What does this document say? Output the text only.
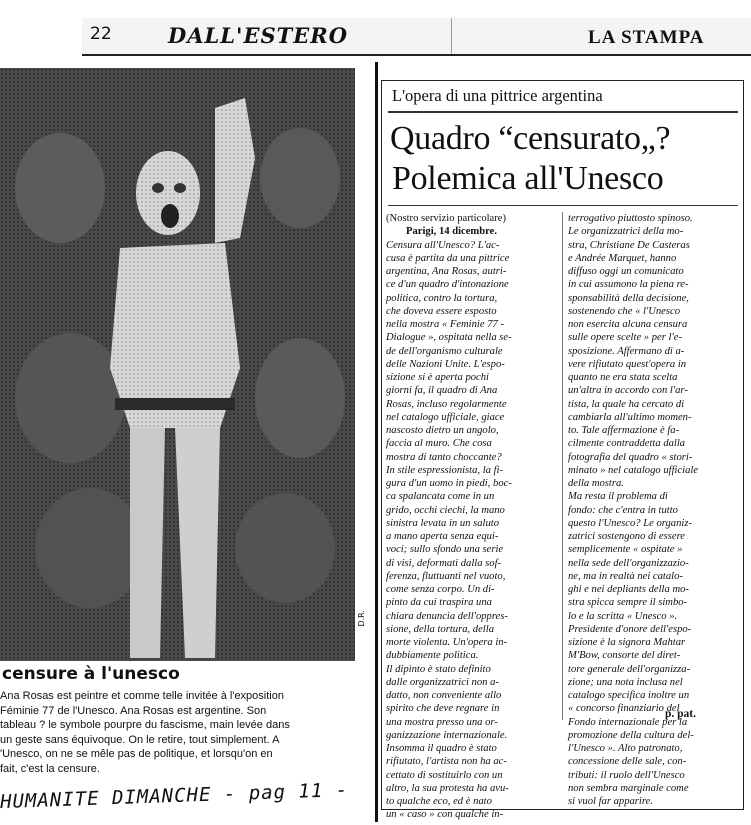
22	DALL'ESTERO	LA STAMPA
D.R.
censure à l'unesco
Ana Rosas est peintre et comme telle invitée à l'exposition
Féminie 77 de l'Unesco. Ana Rosas est argentine. Son
tableau ? le symbole pourpre du fascisme, main levée dans
un geste sans équivoque. On le retire, tout simplement. A
'Unesco, on ne se mêle pas de politique, et lorsqu'on en
fait, c'est la censure.
HUMANITE DIMANCHE - pag 11 -
L'opera di una pittrice argentina
Quadro “censurato„?
Polemica all'Unesco
(Nostro servizio particolare)
Parigi, 14 dicembre.
Censura all'Unesco? L'ac-
cusa è partita da una pittrice
argentina, Ana Rosas, autri-
ce d'un quadro d'intonazione
politica, contro la tortura,
che doveva essere esposto
nella mostra « Feminie 77 -
Dialogue », ospitata nella se-
de dell'organismo culturale
delle Nazioni Unite. L'espo-
sizione si è aperta pochi
giorni fa, il quadro di Ana
Rosas, incluso regolarmente
nel catalogo ufficiale, giace
nascosto dietro un angolo,
faccia al muro. Che cosa
mostra di tanto choccante?
In stile espressionista, la fi-
gura d'un uomo in piedi, boc-
ca spalancata come in un
grido, occhi ciechi, la mano
sinistra levata in un saluto
a mano aperta senza equi-
voci; sullo sfondo una serie
di visi, deformati dalla sof-
ferenza, fluttuanti nel vuoto,
come senza corpo. Un di-
pinto da cui traspira una
chiara denuncia dell'oppres-
sione, della tortura, della
morte violenta. Un'opera in-
dubbiamente politica.
Il dipinto è stato definito
dalle organizzatrici non a-
datto, non conveniente allo
spirito che deve regnare in
una mostra presso una or-
ganizzazione internazionale.
Insomma il quadro è stato
rifiutato, l'artista non ha ac-
cettato di sostituirlo con un
altro, la sua protesta ha avu-
to qualche eco, ed è nato
un « caso » con qualche in-
terrogativo piuttosto spinoso.
Le organizzatrici della mo-
stra, Christiane De Casteras
e Andrée Marquet, hanno
diffuso oggi un comunicato
in cui assumono la piena re-
sponsabilità della decisione,
sostenendo che « l'Unesco
non esercita alcuna censura
sulle opere scelte » per l'e-
sposizione. Affermano di a-
vere rifiutato quest'opera in
quanto ne era stata scelta
un'altra in accordo con l'ar-
tista, la quale ha cercato di
cambiarla all'ultimo momen-
to. Tale affermazione è fa-
cilmente contraddetta dalla
fotografia del quadro « stori-
minato » nel catalogo ufficiale
della mostra.
Ma resta il problema di
fondo: che c'entra in tutto
questo l'Unesco? Le organiz-
zatrici sostengono di essere
semplicemente « ospitate »
nella sede dell'organizzazio-
ne, ma in realtà nei catalo-
ghi e nei depliants della mo-
stra spicca sempre il simbo-
lo e la scritta « Unesco ».
Presidente d'onore dell'espo-
sizione è la signora Mahtar
M'Bow, consorte del diret-
tore generale dell'organizza-
zione; una nota inclusa nel
catalogo specifica inoltre un
« concorso finanziario del
Fondo internazionale per la
promozione della cultura del-
l'Unesco ». Alto patronato,
concessione delle sale, con-
tributi: il ruolo dell'Unesco
non sembra marginale come
si vuol far apparire.
p. pat.
